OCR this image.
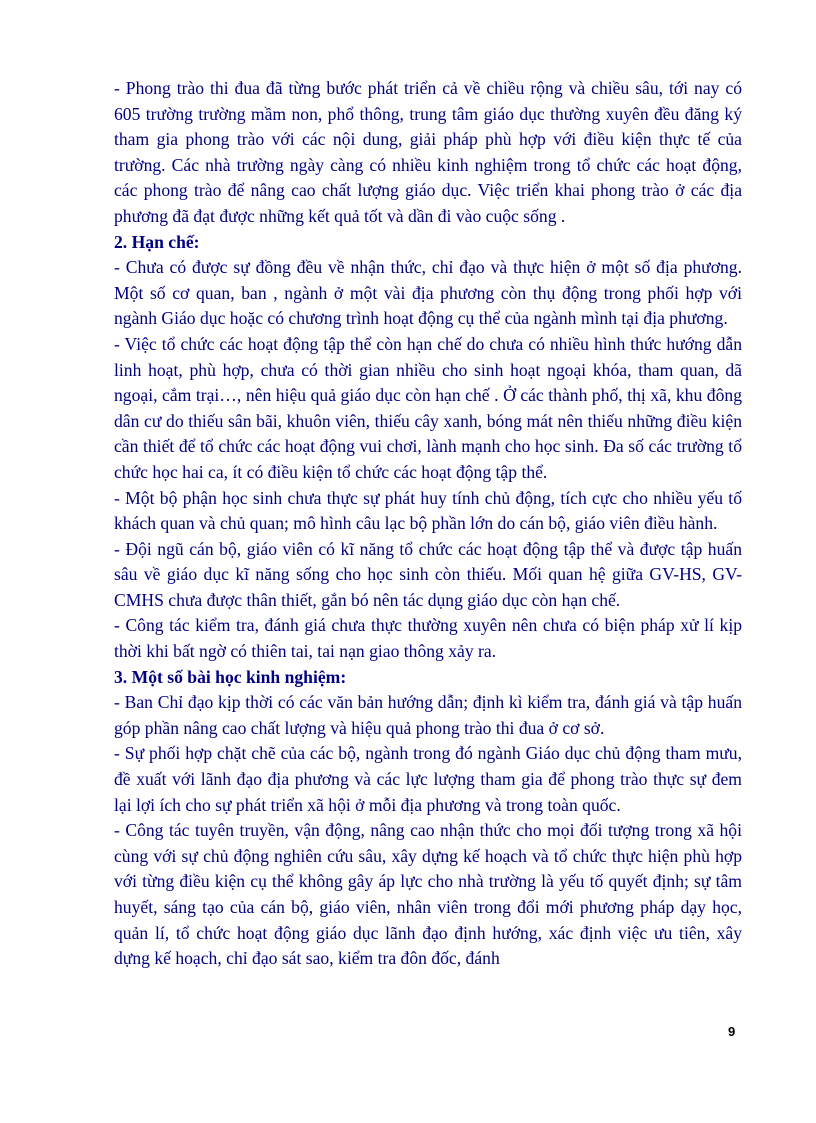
- Phong trào thi đua đã từng bước phát triển cả về chiều rộng và chiều sâu, tới nay có 605 trường trường mầm non, phổ thông, trung tâm giáo dục thường xuyên đều đăng ký tham gia phong trào với các nội dung, giải pháp phù hợp với điều kiện thực tế của trường. Các nhà trường ngày càng có nhiều kinh nghiệm trong tổ chức các hoạt động, các phong trào để nâng cao chất lượng giáo dục. Việc triển khai phong trào ở các địa phương đã đạt được những kết quả tốt và dần đi vào cuộc sống .

2. Hạn chế:

- Chưa có được sự đồng đều về nhận thức, chỉ đạo và thực hiện ở một số địa phương. Một số cơ quan, ban , ngành ở một vài địa phương còn thụ động trong phối hợp với ngành Giáo dục hoặc có chương trình hoạt động cụ thể của ngành mình tại địa phương.

- Việc tổ chức các hoạt động tập thể còn hạn chế do chưa có nhiều hình thức hướng dẫn linh hoạt, phù hợp, chưa có thời gian nhiều cho sinh hoạt ngoại khóa, tham quan, dã ngoại, cắm trại…, nên hiệu quả giáo dục còn hạn chế . Ở các thành phố, thị xã, khu đông dân cư do thiếu sân bãi, khuôn viên, thiếu cây xanh, bóng mát nên thiếu những điều kiện cần thiết để tổ chức các hoạt động vui chơi, lành mạnh cho học sinh. Đa số các trường tổ chức học hai ca, ít có điều kiện tổ chức các hoạt động tập thể.

- Một bộ phận học sinh chưa thực sự phát huy tính chủ động, tích cực cho nhiều yếu tố khách quan và chủ quan; mô hình câu lạc bộ phần lớn do cán bộ, giáo viên điều hành.

- Đội ngũ cán bộ, giáo viên có kĩ năng tổ chức các hoạt động tập thể và được tập huấn sâu về giáo dục kĩ năng sống cho học sinh còn thiếu. Mối quan hệ giữa GV-HS, GV-CMHS chưa được thân thiết, gắn bó nên tác dụng giáo dục còn hạn chế.

- Công tác kiểm tra, đánh giá chưa thực thường xuyên nên chưa có biện pháp xử lí kịp thời khi bất ngờ có thiên tai, tai nạn giao thông xảy ra.

3. Một số bài học kinh nghiệm:

- Ban Chỉ đạo kịp thời có các văn bản hướng dẫn; định kì kiểm tra, đánh giá và tập huấn góp phần nâng cao chất lượng và hiệu quả phong trào thi đua ở cơ sở.

- Sự phối hợp chặt chẽ của các bộ, ngành trong đó ngành Giáo dục chủ động tham mưu, đề xuất với lãnh đạo địa phương và các lực lượng tham gia để phong trào thực sự đem lại lợi ích cho sự phát triển xã hội ở mỗi địa phương và trong toàn quốc.

- Công tác tuyên truyền, vận động, nâng cao nhận thức cho mọi đối tượng trong xã hội cùng với sự chủ động nghiên cứu sâu, xây dựng kế hoạch và tổ chức thực hiện phù hợp với từng điều kiện cụ thể không gây áp lực cho nhà trường là yếu tố quyết định; sự tâm huyết, sáng tạo của cán bộ, giáo viên, nhân viên trong đổi mới phương pháp dạy học, quản lí, tổ chức hoạt động giáo dục lãnh đạo định hướng, xác định việc ưu tiên, xây dựng kế hoạch, chỉ đạo sát sao, kiểm tra đôn đốc, đánh

9
